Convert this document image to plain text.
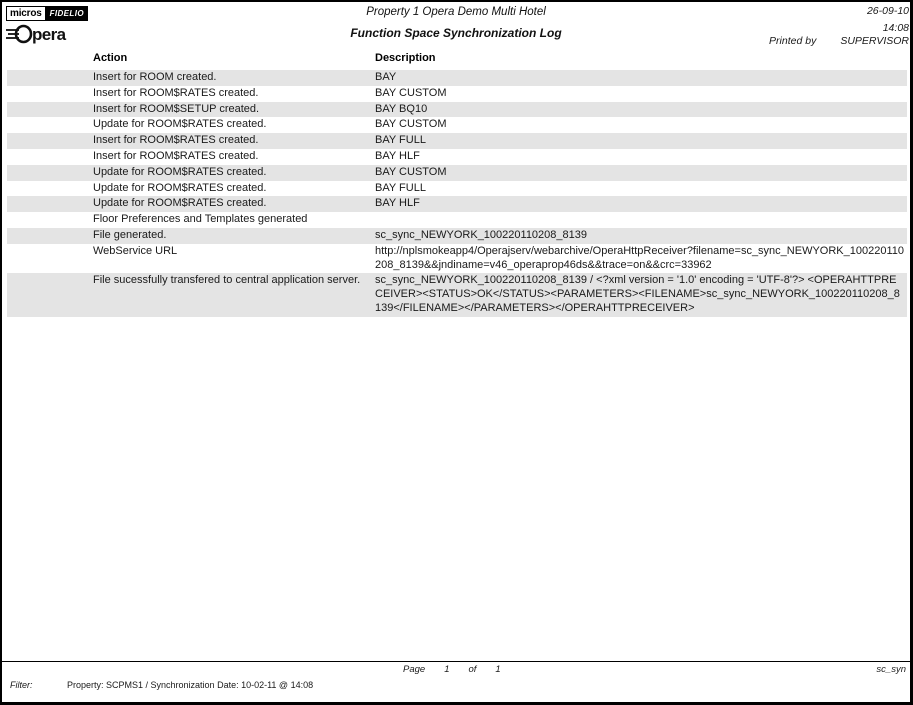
micros	FIDELIO
pera
Property 1 Opera Demo Multi Hotel
Function Space Synchronization Log
26-09-10
14:08
Printed by SUPERVISOR
Action	Description
Insert for ROOM created.	BAY
Insert for ROOM$RATES created.	BAY CUSTOM
Insert for ROOM$SETUP created.	BAY BQ10
Update for ROOM$RATES created.	BAY CUSTOM
Insert for ROOM$RATES created.	BAY FULL
Insert for ROOM$RATES created.	BAY HLF
Update for ROOM$RATES created.	BAY CUSTOM
Update for ROOM$RATES created.	BAY FULL
Update for ROOM$RATES created.	BAY HLF
Floor Preferences and Templates generated
File generated.	sc_sync_NEWYORK_100220110208_8139
WebService URL	http://nplsmokeapp4/Operajserv/webarchive/OperaHttpReceiver?filename=sc_sync_NEWYORK_100220110208_8139&&jndiname=v46_operaprop46ds&&trace=on&&crc=33962
File sucessfully transfered to central application server.	sc_sync_NEWYORK_100220110208_8139 / <?xml version = '1.0' encoding = 'UTF-8'?> <OPERAHTTPRECEIVER><STATUS>OK</STATUS><PARAMETERS><FILENAME>sc_sync_NEWYORK_100220110208_8139</FILENAME></PARAMETERS></OPERAHTTPRECEIVER>
Page 1 of 1	sc_syn
Filter:	Property: SCPMS1 / Synchronization Date: 10-02-11 @ 14:08
